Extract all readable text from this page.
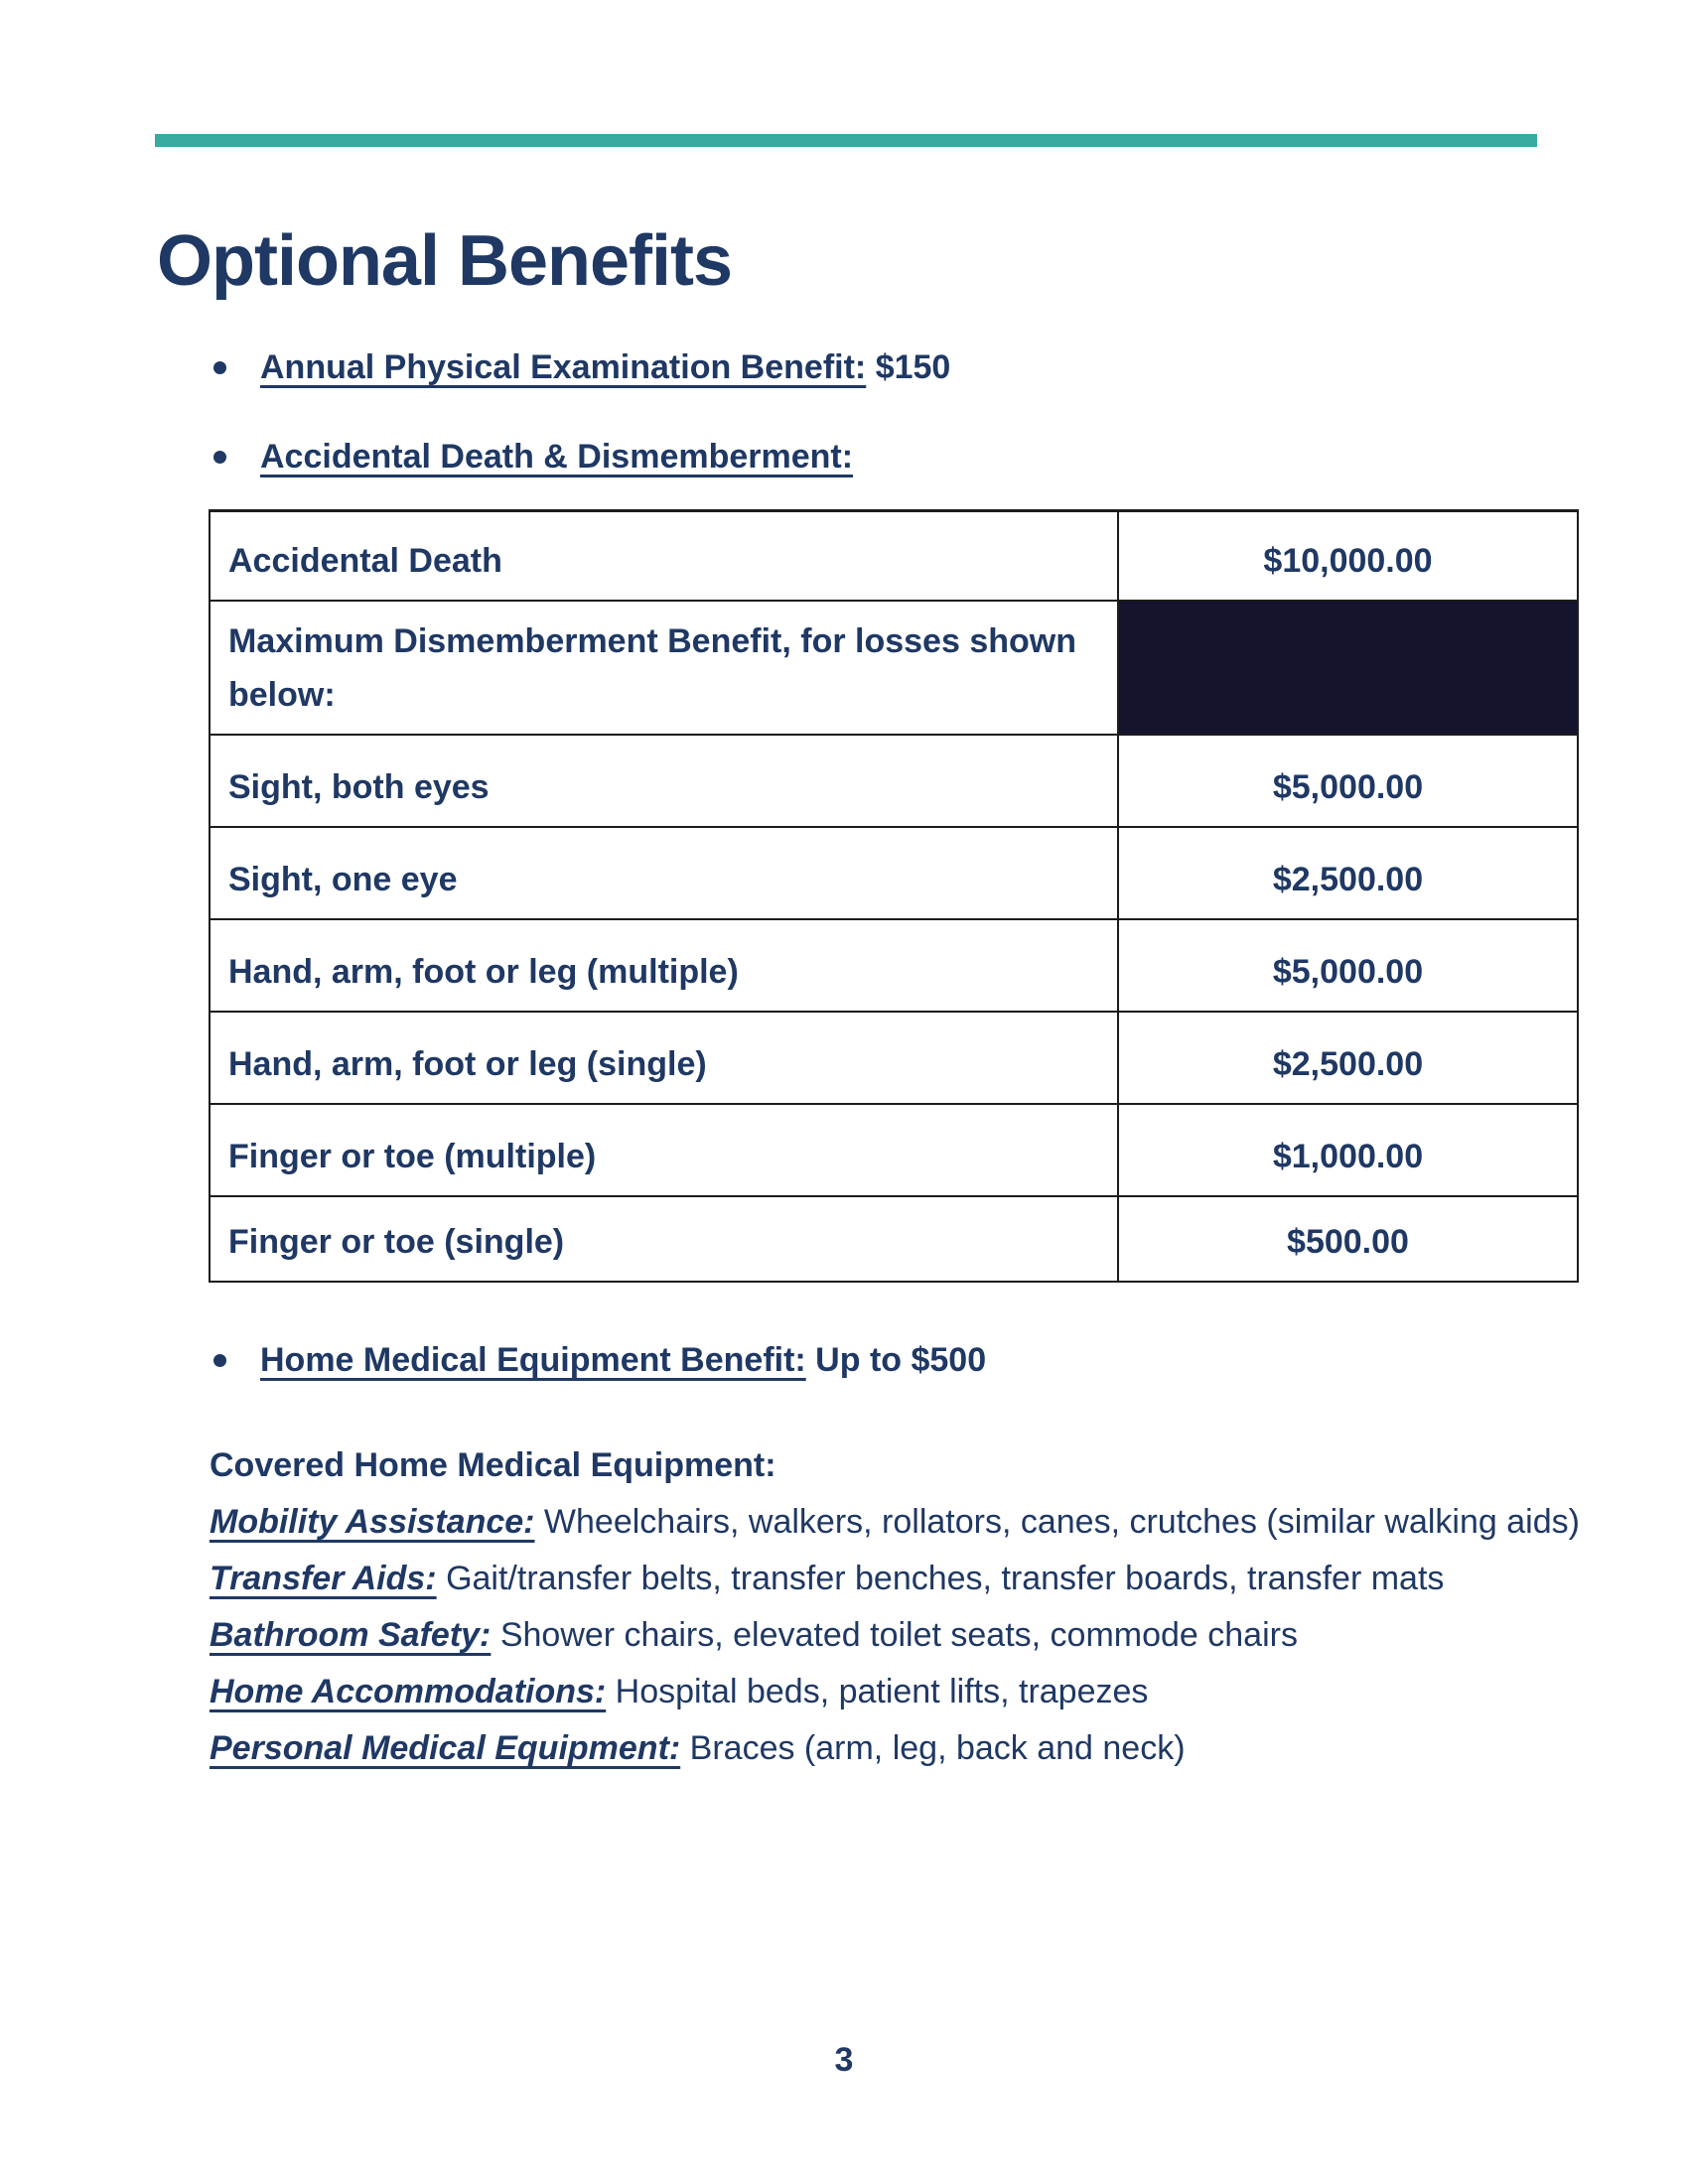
Optional Benefits
Annual Physical Examination Benefit: $150
Accidental Death & Dismemberment:
Accidental Death	$10,000.00
Maximum Dismemberment Benefit, for losses shown below:
Sight, both eyes	$5,000.00
Sight, one eye	$2,500.00
Hand, arm, foot or leg (multiple)	$5,000.00
Hand, arm, foot or leg (single)	$2,500.00
Finger or toe (multiple)	$1,000.00
Finger or toe (single)	$500.00
Home Medical Equipment Benefit: Up to $500
Covered Home Medical Equipment:
Mobility Assistance: Wheelchairs, walkers, rollators, canes, crutches (similar walking aids)
Transfer Aids: Gait/transfer belts, transfer benches, transfer boards, transfer mats
Bathroom Safety: Shower chairs, elevated toilet seats, commode chairs
Home Accommodations: Hospital beds, patient lifts, trapezes
Personal Medical Equipment: Braces (arm, leg, back and neck)
3
